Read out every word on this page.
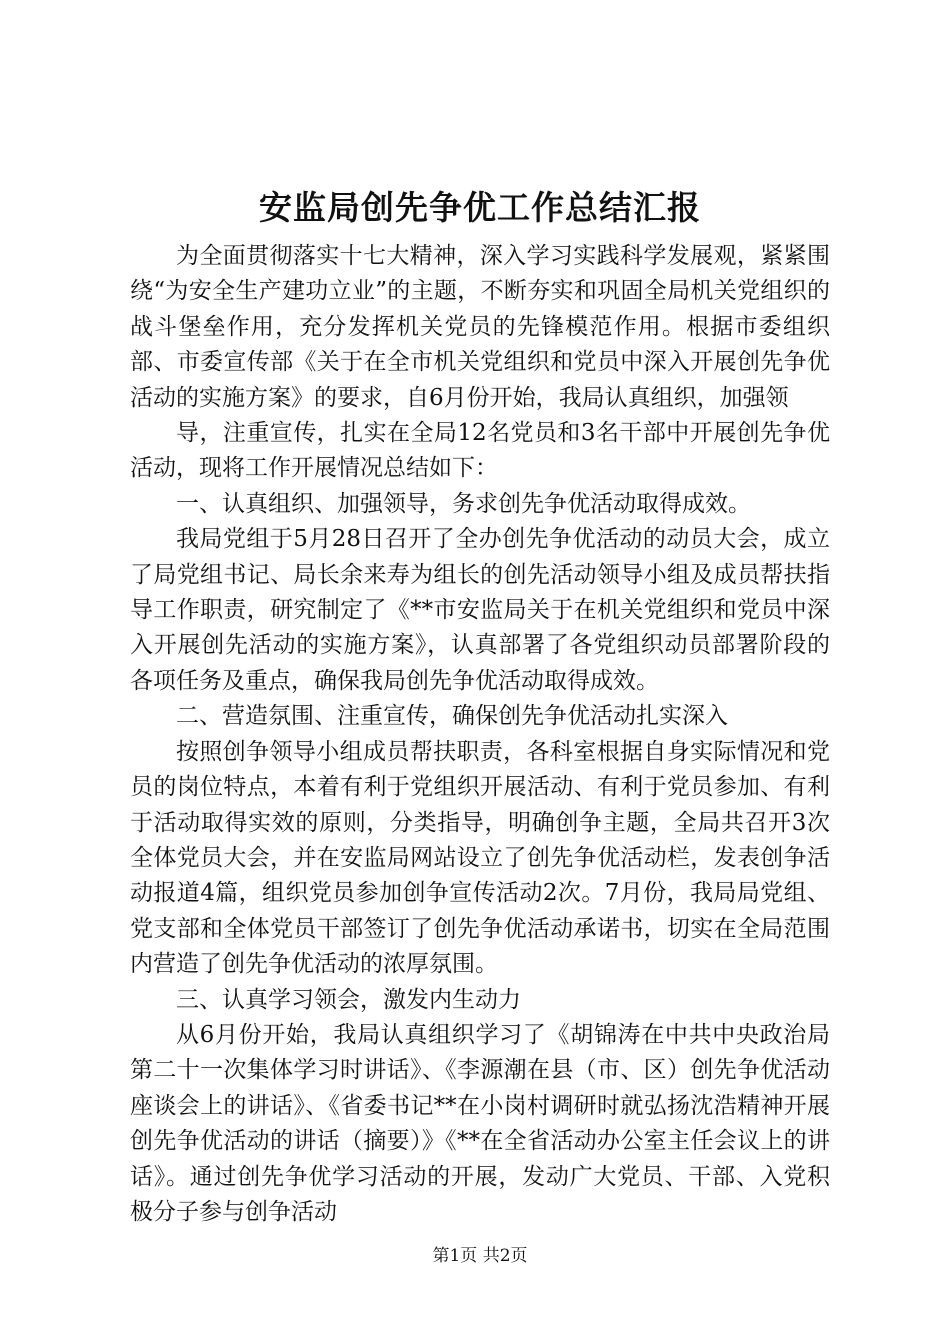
安监局创先争优工作总结汇报

为全面贯彻落实十七大精神，深入学习实践科学发展观，紧紧围绕“为安全生产建功立业”的主题，不断夯实和巩固全局机关党组织的战斗堡垒作用，充分发挥机关党员的先锋模范作用。根据市委组织部、市委宣传部《关于在全市机关党组织和党员中深入开展创先争优活动的实施方案》的要求，自6月份开始，我局认真组织，加强领

导，注重宣传，扎实在全局12名党员和3名干部中开展创先争优活动，现将工作开展情况总结如下：

一、认真组织、加强领导，务求创先争优活动取得成效。

我局党组于5月28日召开了全办创先争优活动的动员大会，成立了局党组书记、局长余来寿为组长的创先活动领导小组及成员帮扶指导工作职责，研究制定了《**市安监局关于在机关党组织和党员中深入开展创先活动的实施方案》，认真部署了各党组织动员部署阶段的各项任务及重点，确保我局创先争优活动取得成效。

二、营造氛围、注重宣传，确保创先争优活动扎实深入

按照创争领导小组成员帮扶职责，各科室根据自身实际情况和党员的岗位特点，本着有利于党组织开展活动、有利于党员参加、有利于活动取得实效的原则，分类指导，明确创争主题，全局共召开3次全体党员大会，并在安监局网站设立了创先争优活动栏，发表创争活动报道4篇，组织党员参加创争宣传活动2次。7月份，我局局党组、党支部和全体党员干部签订了创先争优活动承诺书，切实在全局范围内营造了创先争优活动的浓厚氛围。

三、认真学习领会，激发内生动力

从6月份开始，我局认真组织学习了《胡锦涛在中共中央政治局第二十一次集体学习时讲话》、《李源潮在县（市、区）创先争优活动座谈会上的讲话》、《省委书记**在小岗村调研时就弘扬沈浩精神开展创先争优活动的讲话（摘要）》《**在全省活动办公室主任会议上的讲话》。通过创先争优学习活动的开展，发动广大党员、干部、入党积极分子参与创争活动

第1页 共2页
